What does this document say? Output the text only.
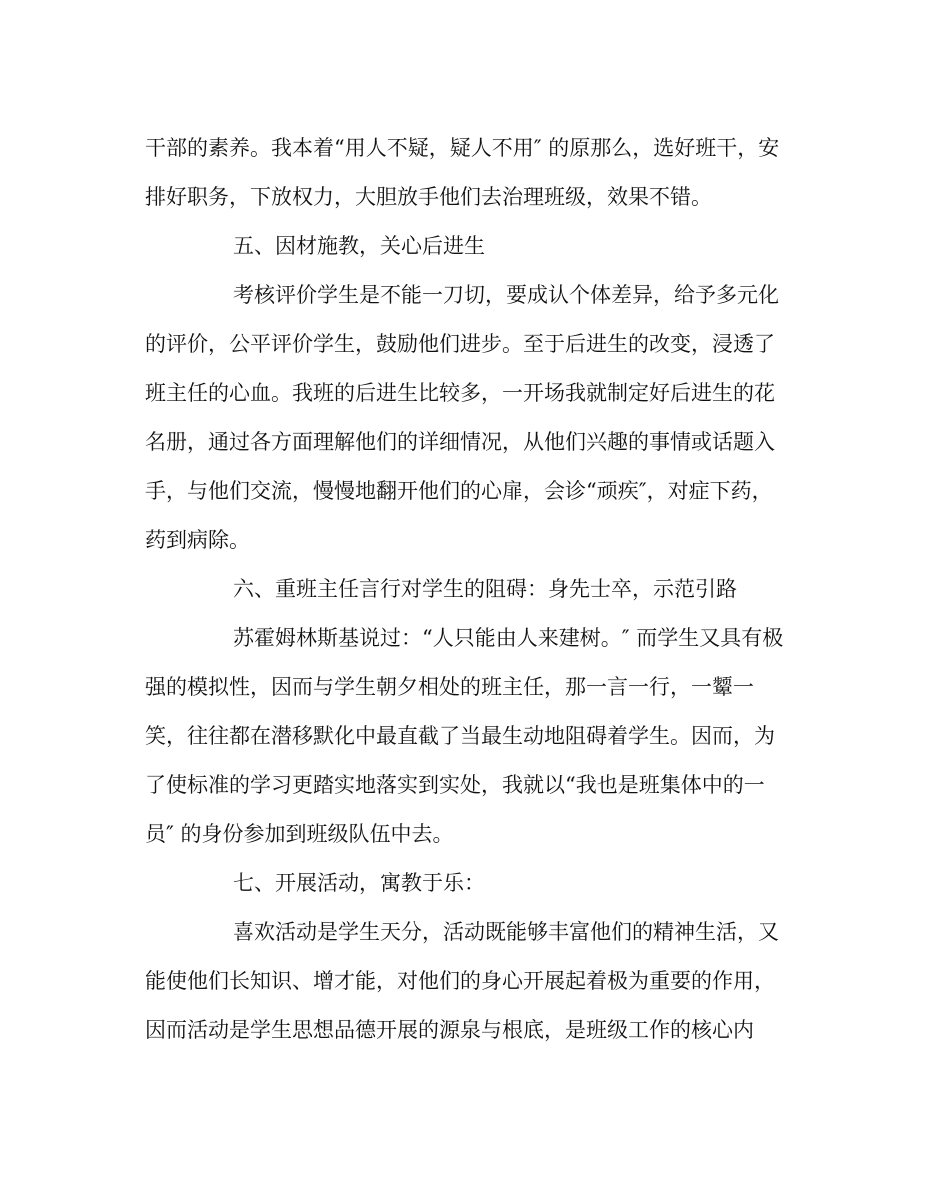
干部的素养。我本着“用人不疑，疑人不用″ 的原那么，选好班干，安
排好职务，下放权力，大胆放手他们去治理班级，效果不错。
五、因材施教，关心后进生
考核评价学生是不能一刀切，要成认个体差异，给予多元化
的评价，公平评价学生，鼓励他们进步。至于后进生的改变，浸透了
班主任的心血。我班的后进生比较多，一开场我就制定好后进生的花
名册，通过各方面理解他们的详细情况，从他们兴趣的事情或话题入
手，与他们交流，慢慢地翻开他们的心扉，会诊“顽疾″，对症下药，
药到病除。
六、重班主任言行对学生的阻碍：身先士卒，示范引路
苏霍姆林斯基说过：“人只能由人来建树。″ 而学生又具有极
强的模拟性，因而与学生朝夕相处的班主任，那一言一行，一颦一
笑，往往都在潜移默化中最直截了当最生动地阻碍着学生。因而，为
了使标准的学习更踏实地落实到实处，我就以“我也是班集体中的一
员″ 的身份参加到班级队伍中去。
七、开展活动，寓教于乐：
喜欢活动是学生天分，活动既能够丰富他们的精神生活，又
能使他们长知识、增才能，对他们的身心开展起着极为重要的作用，
因而活动是学生思想品德开展的源泉与根底，是班级工作的核心内
